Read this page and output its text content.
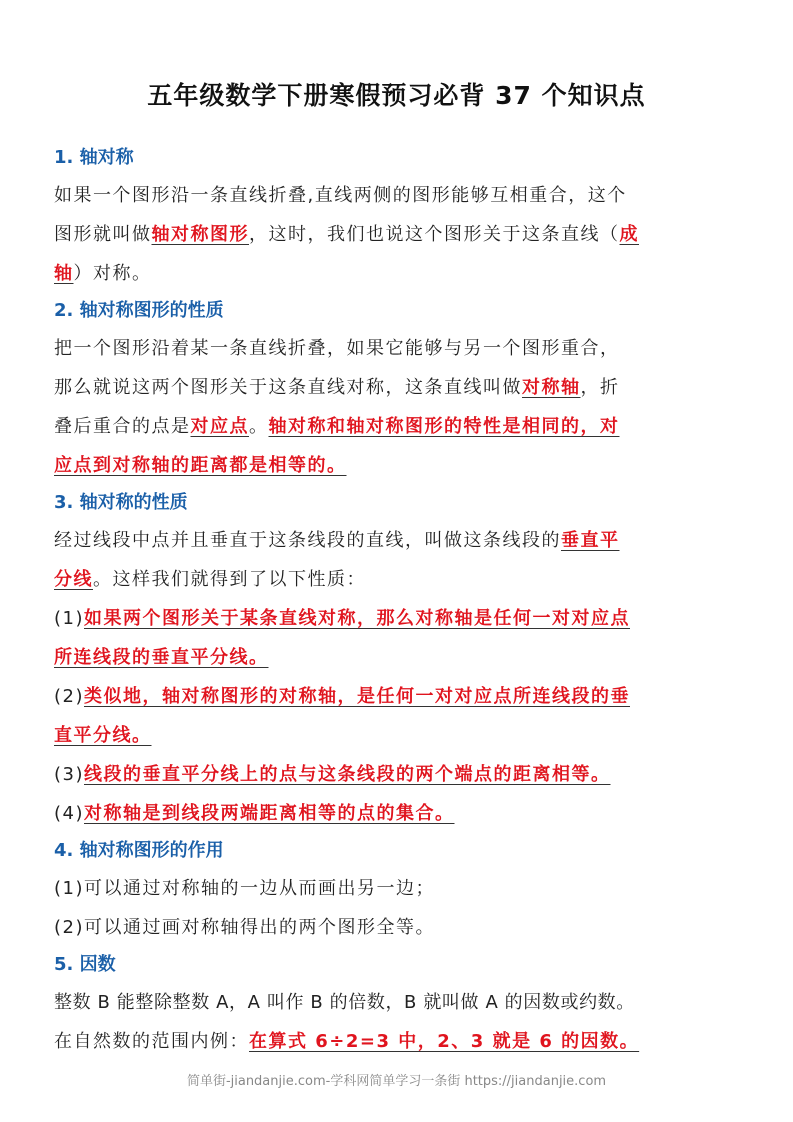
五年级数学下册寒假预习必背 37 个知识点
1. 轴对称
如果一个图形沿一条直线折叠,直线两侧的图形能够互相重合，这个
图形就叫做轴对称图形，这时，我们也说这个图形关于这条直线（成
轴）对称。
2. 轴对称图形的性质
把一个图形沿着某一条直线折叠，如果它能够与另一个图形重合，
那么就说这两个图形关于这条直线对称，这条直线叫做对称轴，折
叠后重合的点是对应点。轴对称和轴对称图形的特性是相同的，对
应点到对称轴的距离都是相等的。
3. 轴对称的性质
经过线段中点并且垂直于这条线段的直线，叫做这条线段的垂直平
分线。这样我们就得到了以下性质：
(1)如果两个图形关于某条直线对称，那么对称轴是任何一对对应点
所连线段的垂直平分线。
(2)类似地，轴对称图形的对称轴，是任何一对对应点所连线段的垂
直平分线。
(3)线段的垂直平分线上的点与这条线段的两个端点的距离相等。
(4)对称轴是到线段两端距离相等的点的集合。
4. 轴对称图形的作用
(1)可以通过对称轴的一边从而画出另一边；
(2)可以通过画对称轴得出的两个图形全等。
5. 因数
整数 B 能整除整数 A，A 叫作 B 的倍数，B 就叫做 A 的因数或约数。
在自然数的范围内例：在算式 6÷2=3 中，2、3 就是 6 的因数。
简单街-jiandanjie.com-学科网简单学习一条街 https://jiandanjie.com
